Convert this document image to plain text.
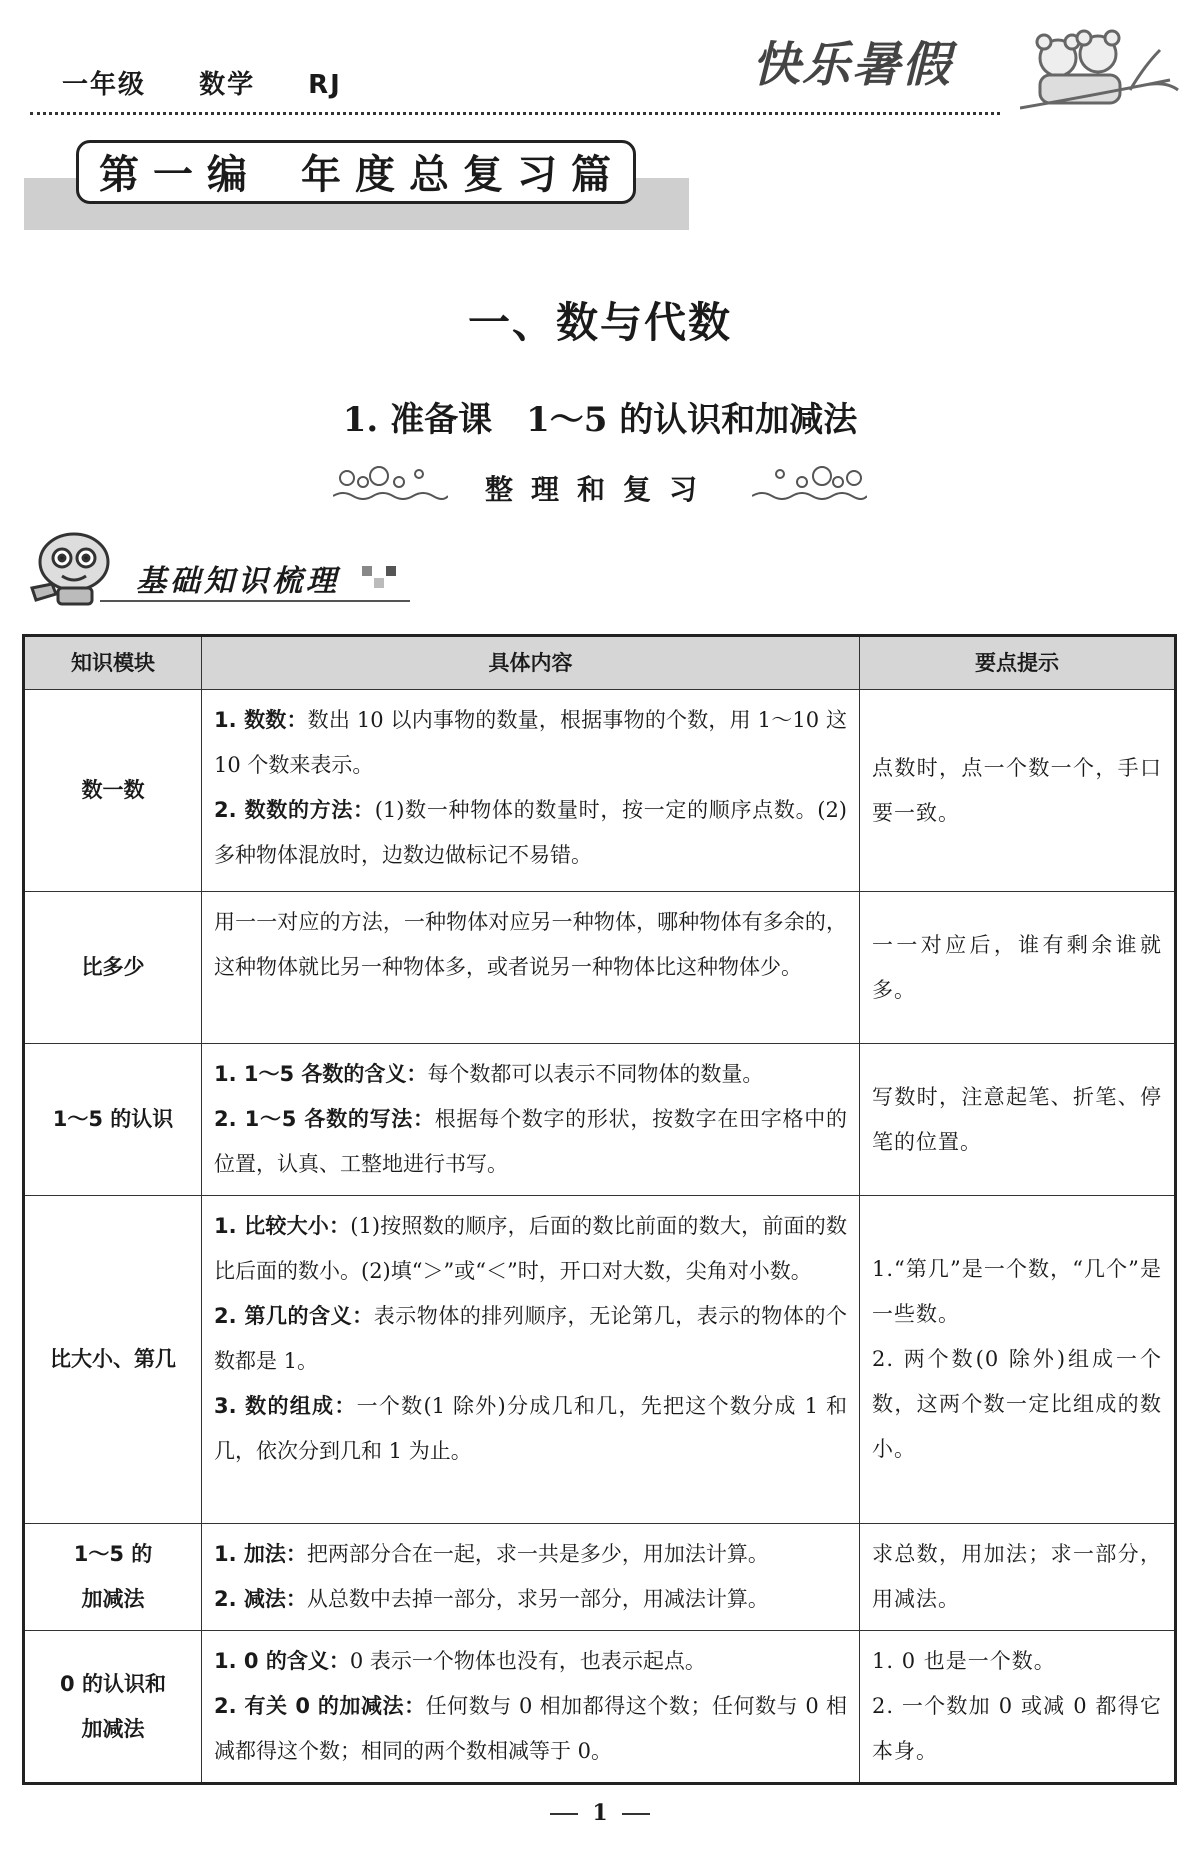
一年级 数学 RJ	快乐暑假
第一编 年度总复习篇
一、数与代数
1. 准备课　1～5 的认识和加减法
整理和复习
基础知识梳理
知识模块	具体内容	要点提示

数一数	1. 数数：数出 10 以内事物的数量，根据事物的个数，用 1～10 这 10 个数来表示。
2. 数数的方法：(1)数一种物体的数量时，按一定的顺序点数。(2)多种物体混放时，边数边做标记不易错。	点数时，点一个数一个，手口要一致。

比多少	用一一对应的方法，一种物体对应另一种物体，哪种物体有多余的，这种物体就比另一种物体多，或者说另一种物体比这种物体少。	一一对应后，谁有剩余谁就多。

1～5 的认识	1. 1～5 各数的含义：每个数都可以表示不同物体的数量。
2. 1～5 各数的写法：根据每个数字的形状，按数字在田字格中的位置，认真、工整地进行书写。	写数时，注意起笔、折笔、停笔的位置。

比大小、第几	1. 比较大小：(1)按照数的顺序，后面的数比前面的数大，前面的数比后面的数小。(2)填“＞”或“＜”时，开口对大数，尖角对小数。
2. 第几的含义：表示物体的排列顺序，无论第几，表示的物体的个数都是 1。
3. 数的组成：一个数(1 除外)分成几和几，先把这个数分成 1 和几，依次分到几和 1 为止。	1.“第几”是一个数，“几个”是一些数。
2. 两个数(0 除外)组成一个数，这两个数一定比组成的数小。

1～5 的
加减法	1. 加法：把两部分合在一起，求一共是多少，用加法计算。
2. 减法：从总数中去掉一部分，求另一部分，用减法计算。	求总数，用加法；求一部分，用减法。

0 的认识和
加减法	1. 0 的含义：0 表示一个物体也没有，也表示起点。
2. 有关 0 的加减法：任何数与 0 相加都得这个数；任何数与 0 相减都得这个数；相同的两个数相减等于 0。	1. 0 也是一个数。
2. 一个数加 0 或减 0 都得它本身。
1
